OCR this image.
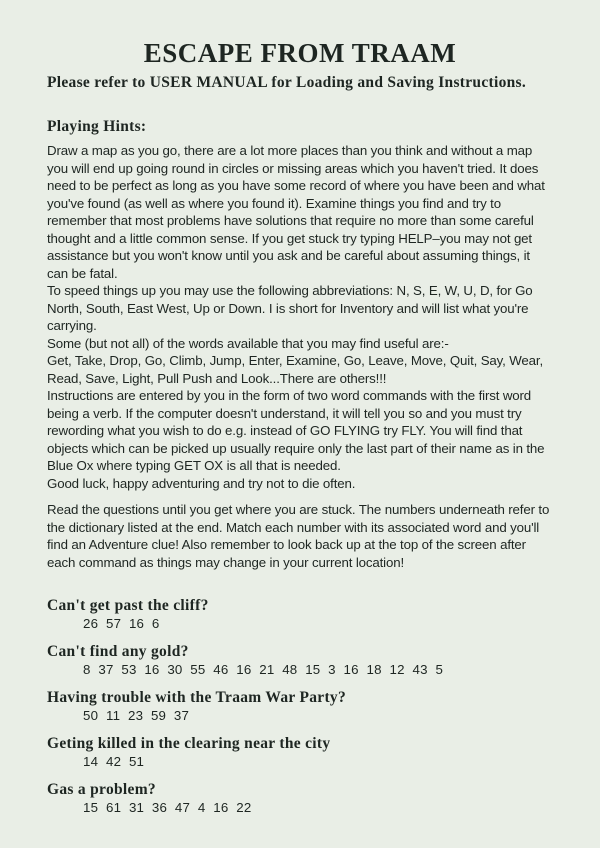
ESCAPE FROM TRAAM

Please refer to USER MANUAL for Loading and Saving Instructions.

Playing Hints:

Draw a map as you go, there are a lot more places than you think and without a map you will end up going round in circles or missing areas which you haven't tried. It does need to be perfect as long as you have some record of where you have been and what you've found (as well as where you found it). Examine things you find and try to remember that most problems have solutions that require no more than some careful thought and a little common sense. If you get stuck try typing HELP–you may not get assistance but you won't know until you ask and be careful about assuming things, it can be fatal.

To speed things up you may use the following abbreviations: N, S, E, W, U, D, for Go North, South, East West, Up or Down. I is short for Inventory and will list what you're carrying.

Some (but not all) of the words available that you may find useful are:-

Get, Take, Drop, Go, Climb, Jump, Enter, Examine, Go, Leave, Move, Quit, Say, Wear, Read, Save, Light, Pull Push and Look...There are others!!!

Instructions are entered by you in the form of two word commands with the first word being a verb. If the computer doesn't understand, it will tell you so and you must try rewording what you wish to do e.g. instead of GO FLYING try FLY. You will find that objects which can be picked up usually require only the last part of their name as in the Blue Ox where typing GET OX is all that is needed.

Good luck, happy adventuring and try not to die often.

Read the questions until you get where you are stuck. The numbers underneath refer to the dictionary listed at the end. Match each number with its associated word and you'll find an Adventure clue! Also remember to look back up at the top of the screen after each command as things may change in your current location!

Can't get past the cliff?

26  57  16  6

Can't find any gold?

8  37  53  16  30  55  46  16  21  48  15  3  16  18  12  43  5

Having trouble with the Traam War Party?

50  11  23  59  37

Geting killed in the clearing near the city

14  42  51

Gas a problem?

15  61  31  36  47  4  16  22
